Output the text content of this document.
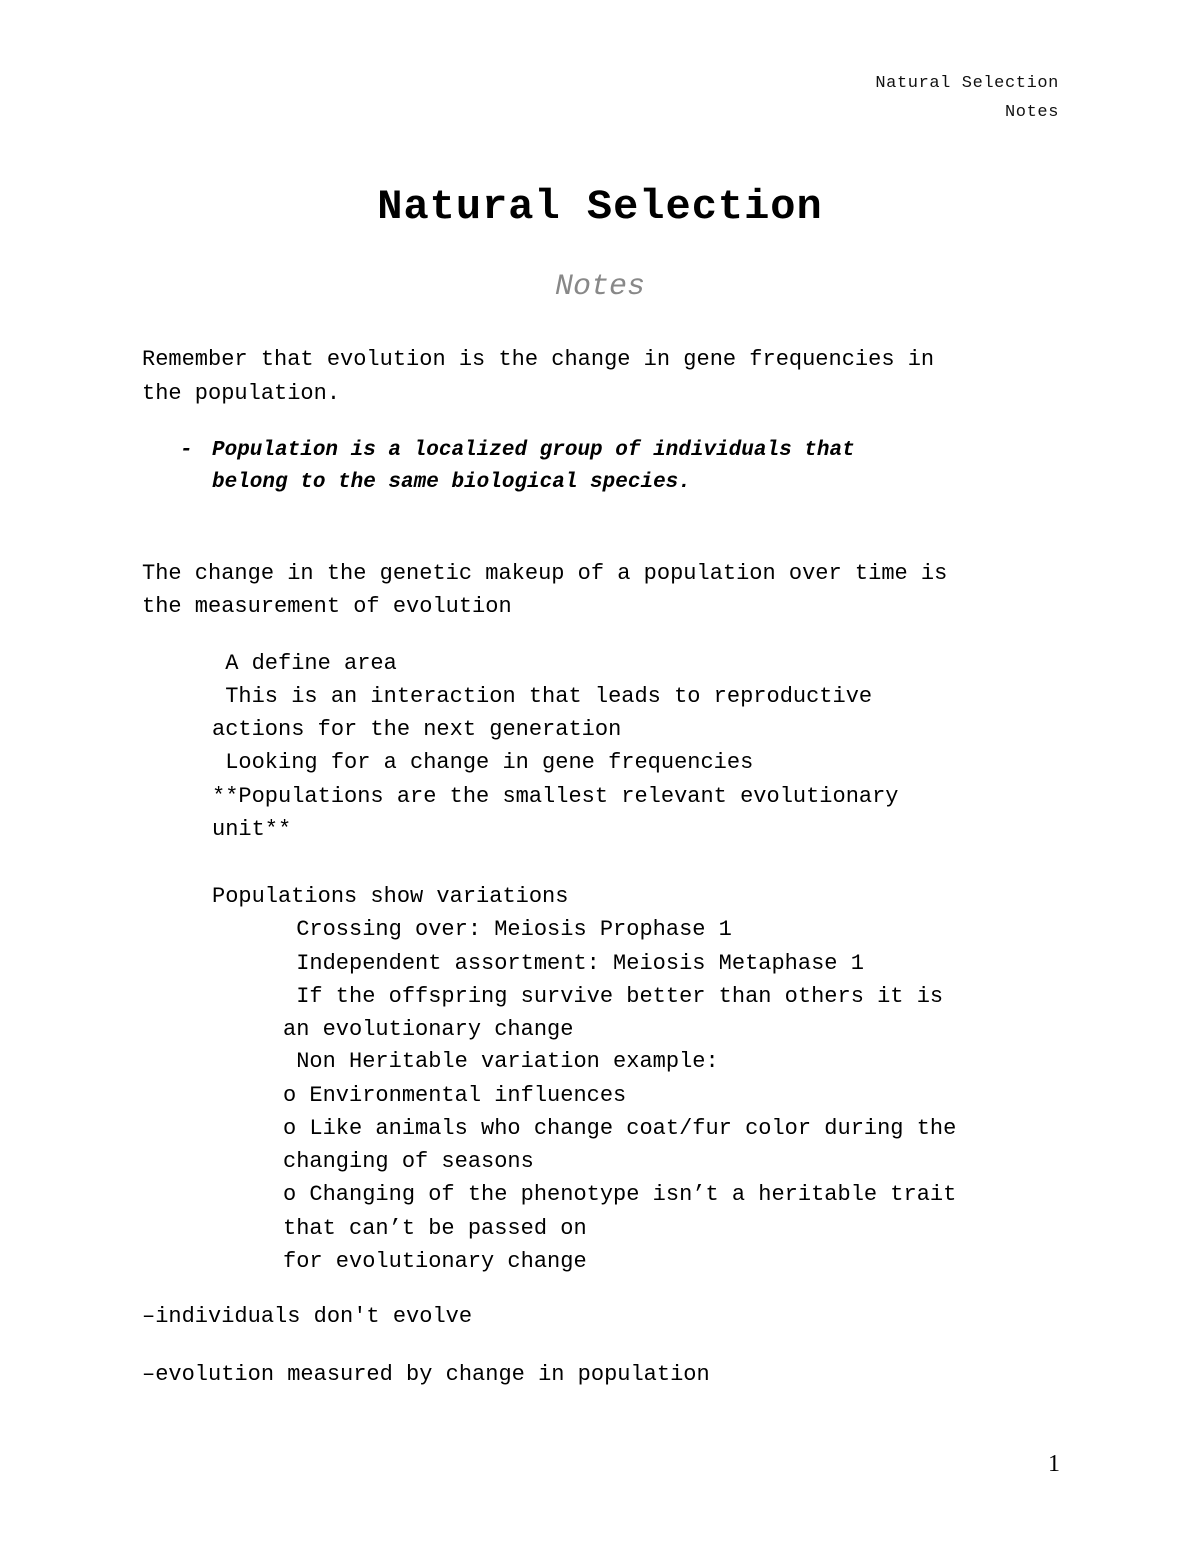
Natural Selection
Notes
Natural Selection
Notes
Remember that evolution is the change in gene frequencies in
the population.
- Population is a localized group of individuals that
belong to the same biological species.
The change in the genetic makeup of a population over time is
the measurement of evolution
A define area
This is an interaction that leads to reproductive
actions for the next generation
Looking for a change in gene frequencies
**Populations are the smallest relevant evolutionary
unit**
Populations show variations
Crossing over: Meiosis Prophase 1
Independent assortment: Meiosis Metaphase 1
If the offspring survive better than others it is
an evolutionary change
Non Heritable variation example:
o Environmental influences
o Like animals who change coat/fur color during the
changing of seasons
o Changing of the phenotype isn’t a heritable trait
that can’t be passed on
for evolutionary change
–individuals don't evolve
–evolution measured by change in population
1
